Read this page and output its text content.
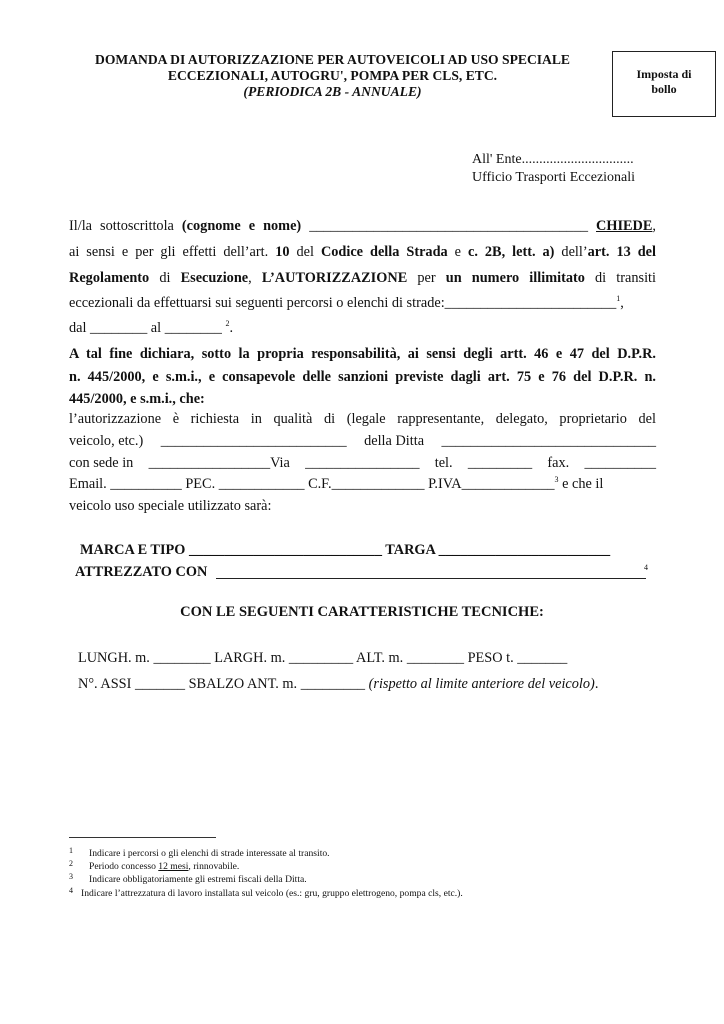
DOMANDA DI AUTORIZZAZIONE PER AUTOVEICOLI AD USO SPECIALE
ECCEZIONALI, AUTOGRU', POMPA PER CLS, ETC.
(PERIODICA 2B - ANNUALE)
Imposta di
bollo
All' Ente................................
Ufficio Trasporti Eccezionali
Il/la sottoscrittola (cognome e nome) _______________________________________ CHIEDE,
ai sensi e per gli effetti dell’art. 10 del Codice della Strada e c. 2B, lett. a) dell’art. 13 del
Regolamento di Esecuzione, L’AUTORIZZAZIONE per un numero illimitato di transiti
eccezionali da effettuarsi sui seguenti percorsi o elenchi di strade:________________________$^1$,
dal ________ al ________ $^2$.
A tal fine dichiara, sotto la propria responsabilità, ai sensi degli artt. 46 e 47 del D.P.R.
n. 445/2000, e s.m.i., e consapevole delle sanzioni previste dagli art. 75 e 76 del D.P.R. n.
445/2000, e s.m.i., che:
l’autorizzazione è richiesta in qualità di (legale rappresentante, delegato, proprietario del
veicolo, etc.) __________________________ della Ditta ______________________________
con sede in _________________Via ________________ tel. _________ fax. __________
Email. __________ PEC. ____________ C.F._____________ P.IVA_____________$^3$ e che il
veicolo uso speciale utilizzato sarà:
MARCA E TIPO ___________________________ TARGA ________________________
ATTREZZATO CON	4
CON LE SEGUENTI CARATTERISTICHE TECNICHE:
LUNGH. m. ________ LARGH. m. _________ ALT. m. ________ PESO t. _______
N°. ASSI _______ SBALZO ANT. m. _________ (rispetto al limite anteriore del veicolo).
1 Indicare i percorsi o gli elenchi di strade interessate al transito.
2 Periodo concesso 12 mesi, rinnovabile.
3 Indicare obbligatoriamente gli estremi fiscali della Ditta.
4 Indicare l’attrezzatura di lavoro installata sul veicolo (es.: gru, gruppo elettrogeno, pompa cls, etc.).
